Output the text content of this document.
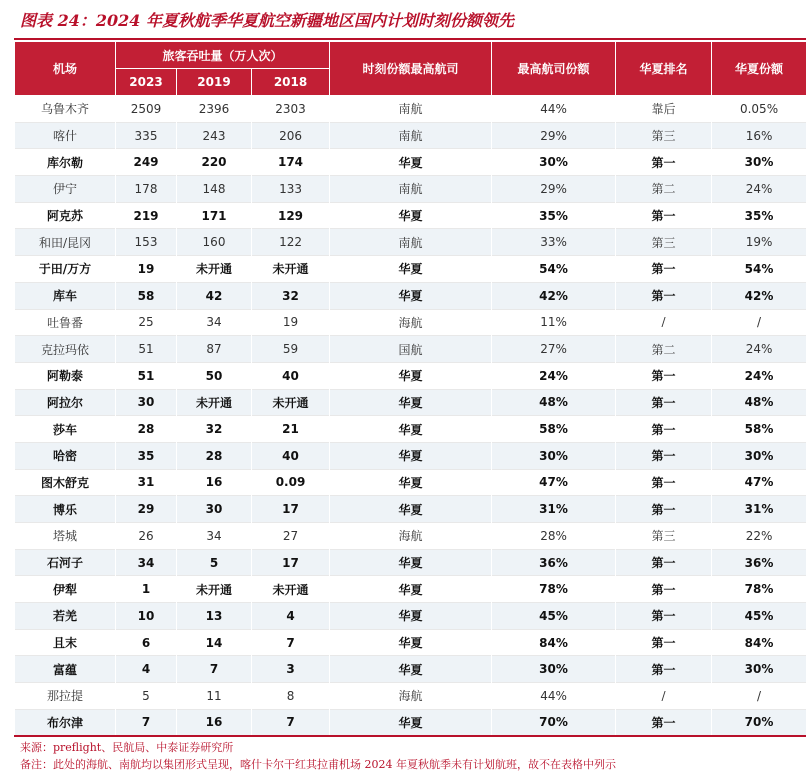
图表 24：2024 年夏秋航季华夏航空新疆地区国内计划时刻份额领先
机场	旅客吞吐量（万人次）			时刻份额最高航司	最高航司份额	华夏排名	华夏份额
	2023	2019	2018				
乌鲁木齐	2509	2396	2303	南航	44%	靠后	0.05%
喀什	335	243	206	南航	29%	第三	16%
库尔勒	249	220	174	华夏	30%	第一	30%
伊宁	178	148	133	南航	29%	第二	24%
阿克苏	219	171	129	华夏	35%	第一	35%
和田/昆冈	153	160	122	南航	33%	第三	19%
于田/万方	19	未开通	未开通	华夏	54%	第一	54%
库车	58	42	32	华夏	42%	第一	42%
吐鲁番	25	34	19	海航	11%	/	/
克拉玛依	51	87	59	国航	27%	第二	24%
阿勒泰	51	50	40	华夏	24%	第一	24%
阿拉尔	30	未开通	未开通	华夏	48%	第一	48%
莎车	28	32	21	华夏	58%	第一	58%
哈密	35	28	40	华夏	30%	第一	30%
图木舒克	31	16	0.09	华夏	47%	第一	47%
博乐	29	30	17	华夏	31%	第一	31%
塔城	26	34	27	海航	28%	第三	22%
石河子	34	5	17	华夏	36%	第一	36%
伊犁	1	未开通	未开通	华夏	78%	第一	78%
若羌	10	13	4	华夏	45%	第一	45%
且末	6	14	7	华夏	84%	第一	84%
富蕴	4	7	3	华夏	30%	第一	30%
那拉提	5	11	8	海航	44%	/	/
布尔津	7	16	7	华夏	70%	第一	70%
来源：preflight、民航局、中泰证券研究所
备注：此处的海航、南航均以集团形式呈现，喀什卡尔干红其拉甫机场 2024 年夏秋航季未有计划航班，故不在表格中列示
